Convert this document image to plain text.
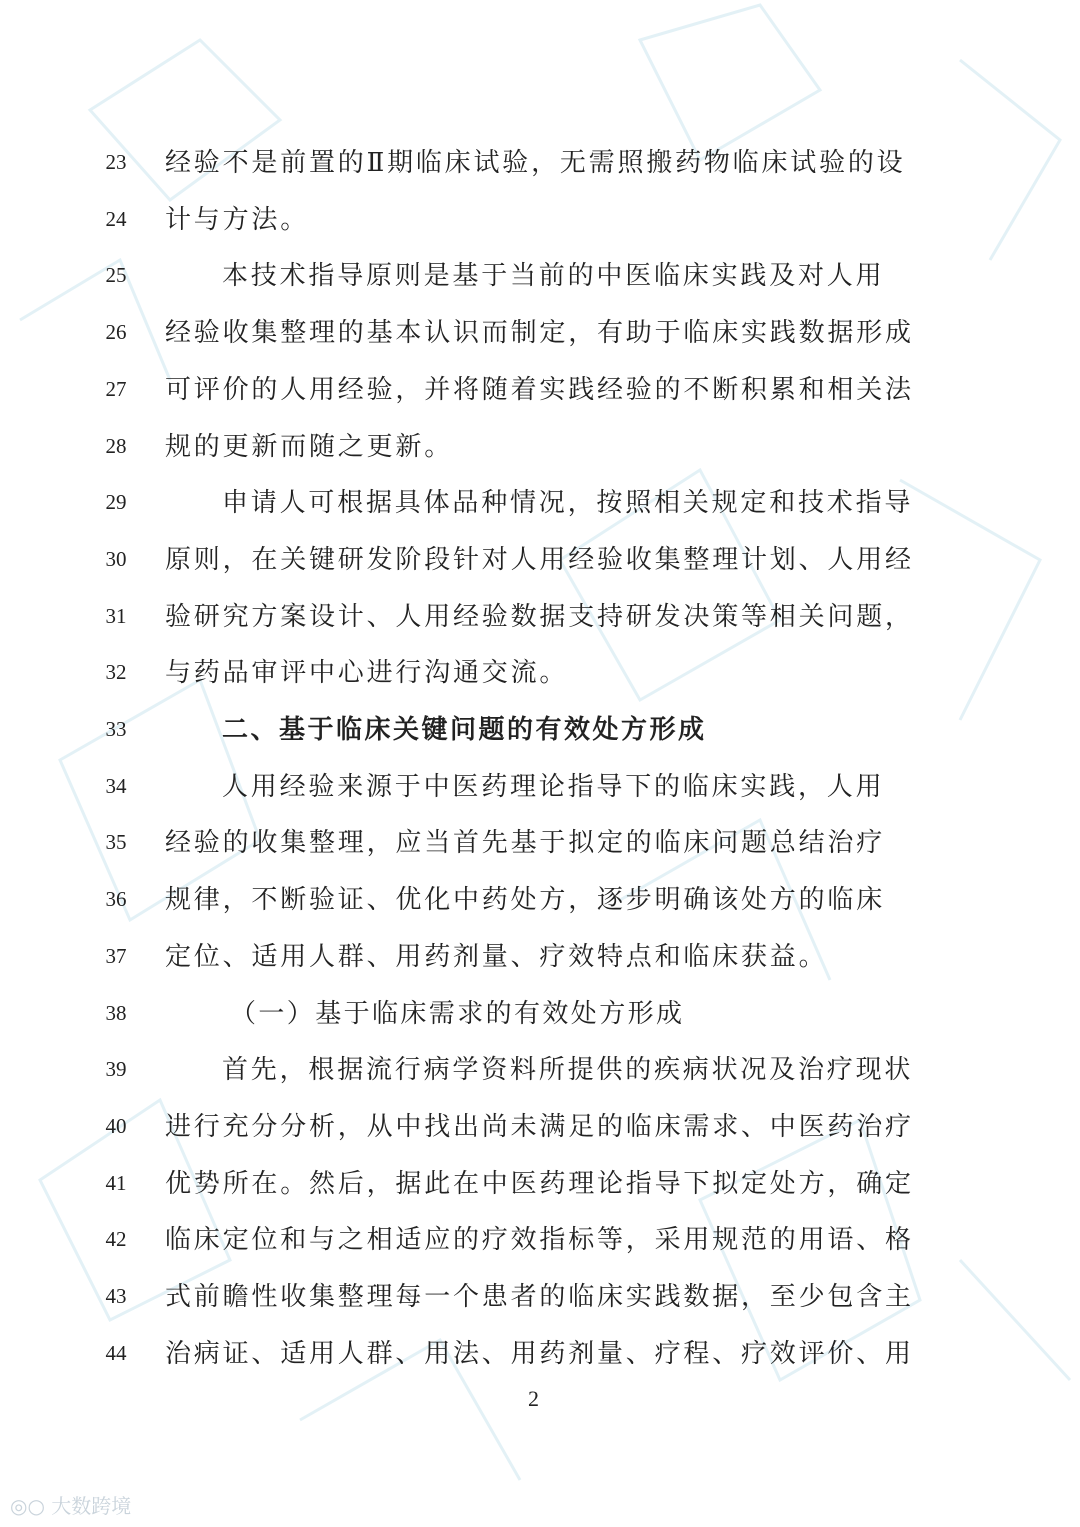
23	经验不是前置的Ⅱ期临床试验，无需照搬药物临床试验的设
24	计与方法。
25	本技术指导原则是基于当前的中医临床实践及对人用
26	经验收集整理的基本认识而制定，有助于临床实践数据形成
27	可评价的人用经验，并将随着实践经验的不断积累和相关法
28	规的更新而随之更新。
29	申请人可根据具体品种情况，按照相关规定和技术指导
30	原则，在关键研发阶段针对人用经验收集整理计划、人用经
31	验研究方案设计、人用经验数据支持研发决策等相关问题，
32	与药品审评中心进行沟通交流。
33	二、基于临床关键问题的有效处方形成
34	人用经验来源于中医药理论指导下的临床实践，人用
35	经验的收集整理，应当首先基于拟定的临床问题总结治疗
36	规律，不断验证、优化中药处方，逐步明确该处方的临床
37	定位、适用人群、用药剂量、疗效特点和临床获益。
38	（一）基于临床需求的有效处方形成
39	首先，根据流行病学资料所提供的疾病状况及治疗现状
40	进行充分分析，从中找出尚未满足的临床需求、中医药治疗
41	优势所在。然后，据此在中医药理论指导下拟定处方，确定
42	临床定位和与之相适应的疗效指标等，采用规范的用语、格
43	式前瞻性收集整理每一个患者的临床实践数据，至少包含主
44	治病证、适用人群、用法、用药剂量、疗程、疗效评价、用
2
◎○ 大数跨境
